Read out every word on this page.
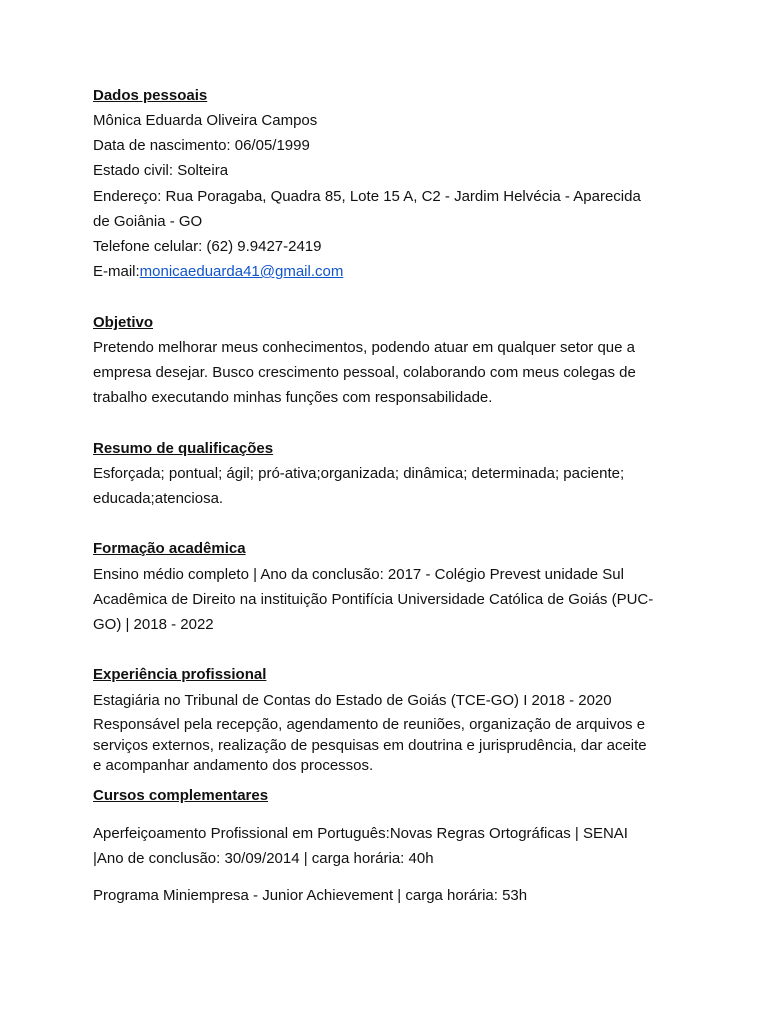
Dados pessoais
Mônica Eduarda Oliveira Campos
Data de nascimento: 06/05/1999
Estado civil: Solteira
Endereço: Rua Poragaba, Quadra 85, Lote 15 A, C2 - Jardim Helvécia - Aparecida
de Goiânia - GO
Telefone celular: (62) 9.9427-2419
E-mail:monicaeduarda41@gmail.com
Objetivo
Pretendo melhorar meus conhecimentos, podendo atuar em qualquer setor que a
empresa desejar. Busco crescimento pessoal, colaborando com meus colegas de
trabalho executando minhas funções com responsabilidade.
Resumo de qualificações
Esforçada; pontual; ágil; pró-ativa;organizada; dinâmica; determinada; paciente;
educada;atenciosa.
Formação acadêmica
Ensino médio completo | Ano da conclusão: 2017 - Colégio Prevest unidade Sul
Acadêmica de Direito na instituição Pontifícia Universidade Católica de Goiás (PUC-
GO) | 2018 - 2022
Experiência profissional
Estagiária no Tribunal de Contas do Estado de Goiás (TCE-GO) I 2018 - 2020
Responsável pela recepção, agendamento de reuniões, organização de arquivos e
serviços externos, realização de pesquisas em doutrina e jurisprudência, dar aceite
e acompanhar andamento dos processos.
Cursos complementares
Aperfeiçoamento Profissional em Português:Novas Regras Ortográficas | SENAI
|Ano de conclusão: 30/09/2014 | carga horária: 40h
Programa Miniempresa - Junior Achievement | carga horária: 53h
